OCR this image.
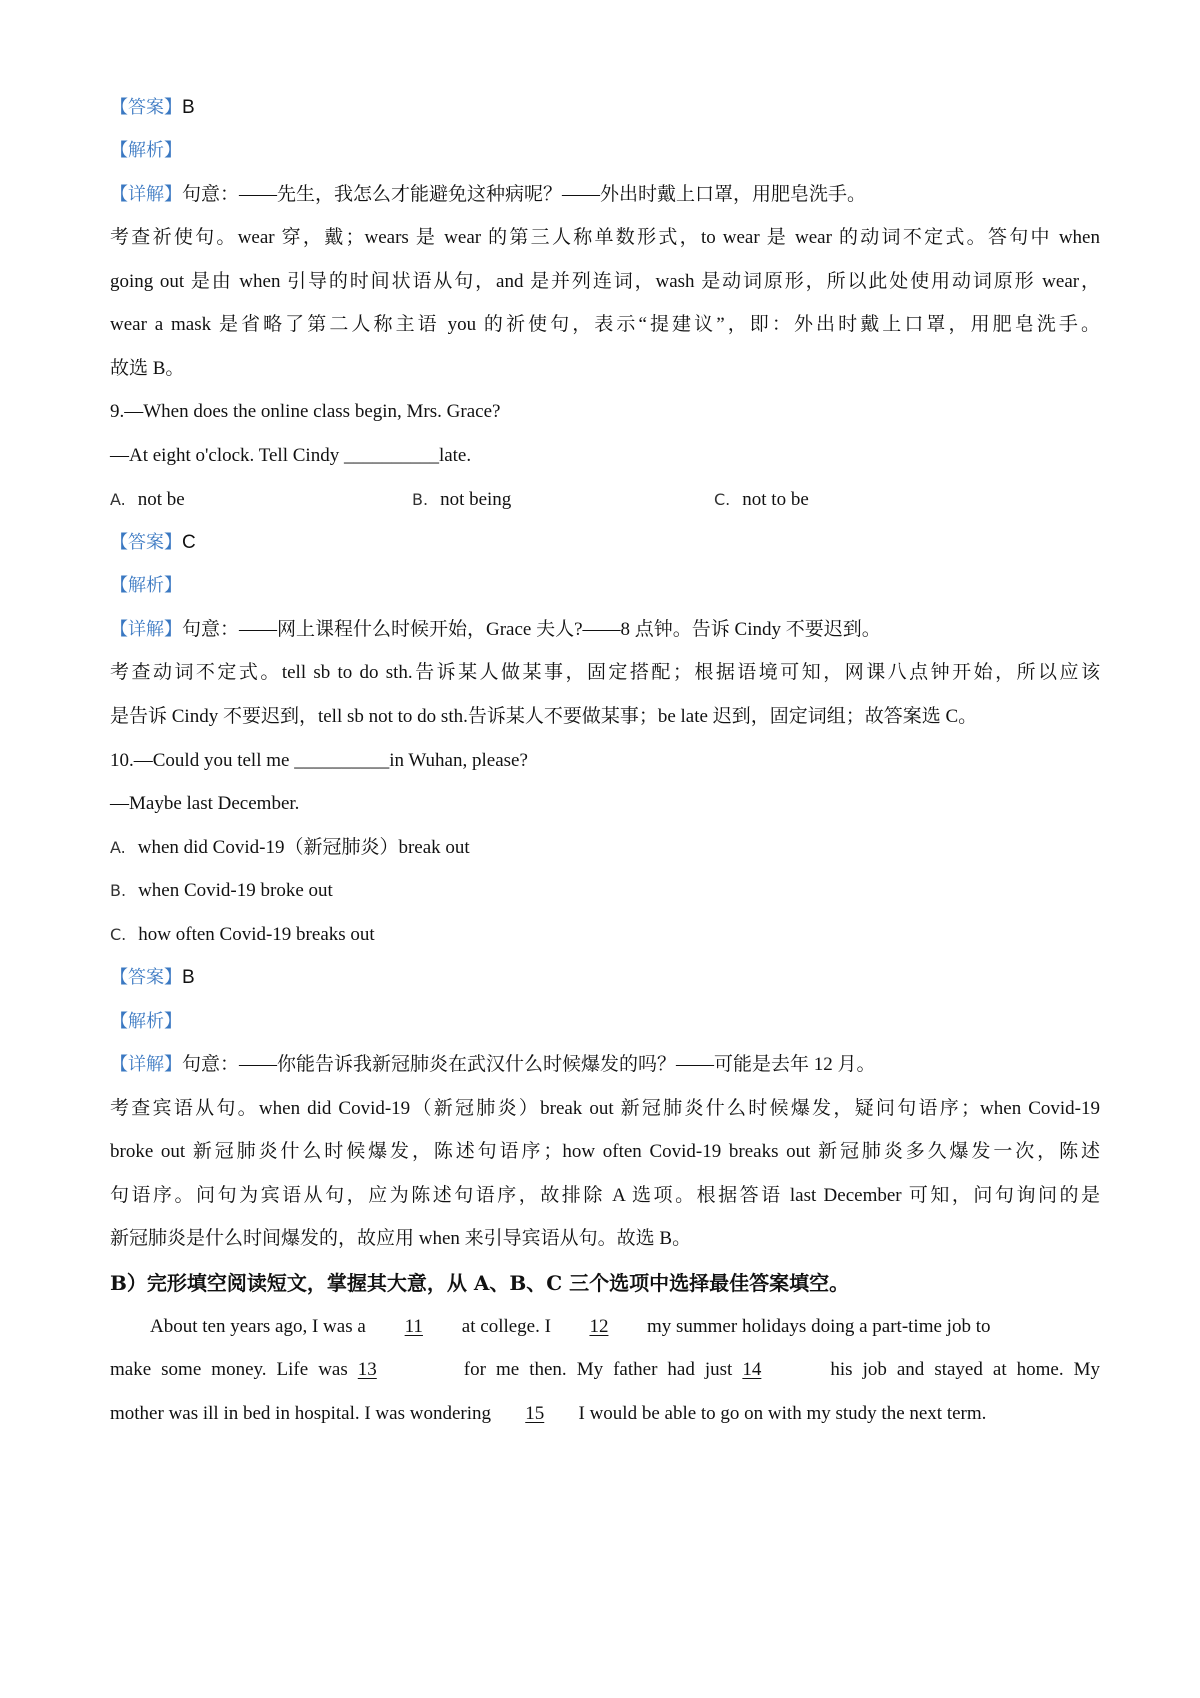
【答案】B
【解析】
【详解】句意：——先生，我怎么才能避免这种病呢？——外出时戴上口罩，用肥皂洗手。
考查祈使句。wear 穿，戴；wears 是 wear 的第三人称单数形式，to wear 是 wear 的动词不定式。答句中 when
going out 是由 when 引导的时间状语从句，and 是并列连词，wash 是动词原形，所以此处使用动词原形 wear，
wear a mask 是省略了第二人称主语 you 的祈使句，表示“提建议”，即：外出时戴上口罩，用肥皂洗手。
故选 B。
9.—When does the online class begin, Mrs. Grace?
—At eight o'clock. Tell Cindy __________late.
A. not be	B. not being	C. not to be
【答案】C
【解析】
【详解】句意：——网上课程什么时候开始，Grace 夫人?——8 点钟。告诉 Cindy 不要迟到。
考查动词不定式。tell sb to do sth.告诉某人做某事，固定搭配；根据语境可知，网课八点钟开始，所以应该
是告诉 Cindy 不要迟到，tell sb not to do sth.告诉某人不要做某事；be late 迟到，固定词组；故答案选 C。
10.—Could you tell me __________in Wuhan, please?
—Maybe last December.
A. when did Covid-19（新冠肺炎）break out
B. when Covid-19 broke out
C. how often Covid-19 breaks out
【答案】B
【解析】
【详解】句意：——你能告诉我新冠肺炎在武汉什么时候爆发的吗？——可能是去年 12 月。
考查宾语从句。when did Covid-19（新冠肺炎）break out 新冠肺炎什么时候爆发，疑问句语序；when Covid-19
broke out 新冠肺炎什么时候爆发，陈述句语序；how often Covid-19 breaks out 新冠肺炎多久爆发一次，陈述
句语序。问句为宾语从句，应为陈述句语序，故排除 A 选项。根据答语 last December 可知，问句询问的是
新冠肺炎是什么时间爆发的，故应用 when 来引导宾语从句。故选 B。
B）完形填空阅读短文，掌握其大意，从 A、B、C 三个选项中选择最佳答案填空。
About ten years ago, I was a 11 at college. I 12 my summer holidays doing a part-time job to
make some money. Life was 13	for me then. My father had just 14	his job and stayed at home. My
mother was ill in bed in hospital. I was wondering 15 I would be able to go on with my study the next term.
